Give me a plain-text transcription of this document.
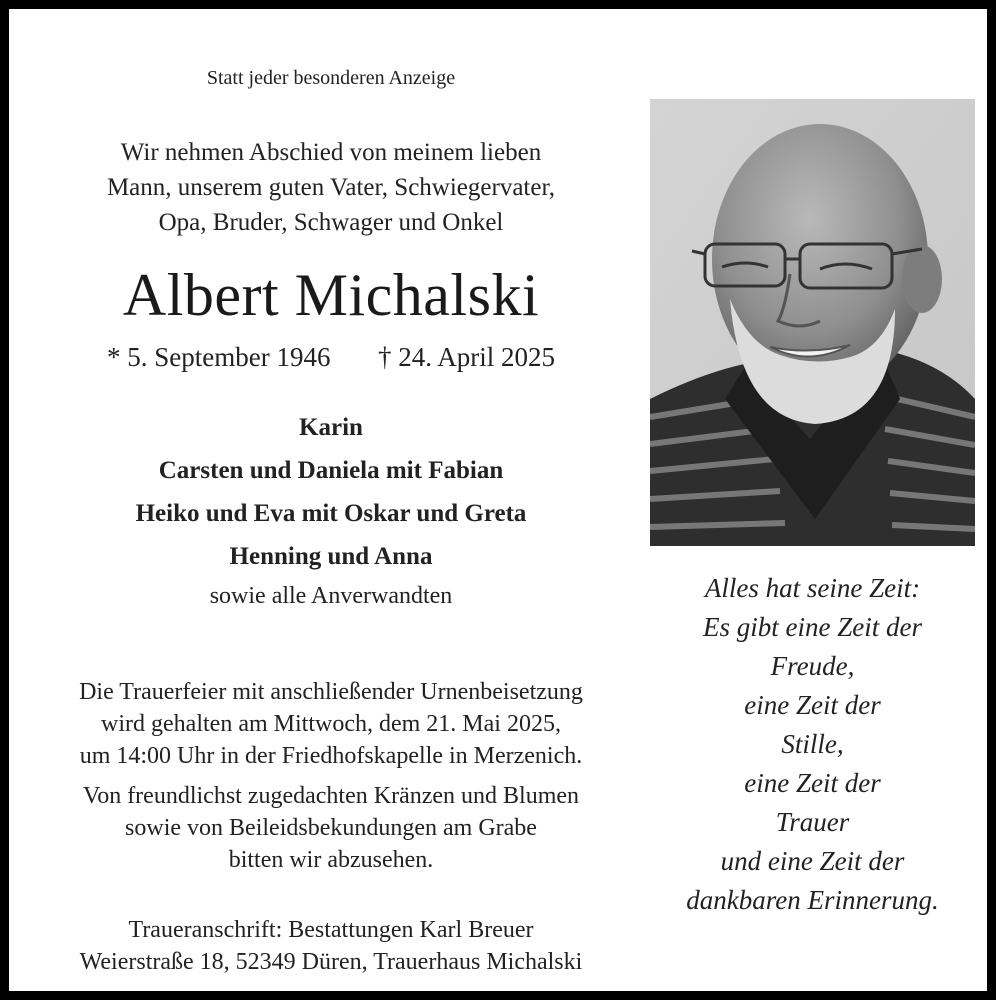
Statt jeder besonderen Anzeige
Wir nehmen Abschied von meinem lieben
Mann, unserem guten Vater, Schwiegervater,
Opa, Bruder, Schwager und Onkel
Albert Michalski
* 5. September 1946 † 24. April 2025
Karin
Carsten und Daniela mit Fabian
Heiko und Eva mit Oskar und Greta
Henning und Anna
sowie alle Anverwandten
Die Trauerfeier mit anschließender Urnenbeisetzung
wird gehalten am Mittwoch, dem 21. Mai 2025,
um 14:00 Uhr in der Friedhofskapelle in Merzenich.
Von freundlichst zugedachten Kränzen und Blumen
sowie von Beileidsbekundungen am Grabe
bitten wir abzusehen.
Traueranschrift: Bestattungen Karl Breuer
Weierstraße 18, 52349 Düren, Trauerhaus Michalski
Alles hat seine Zeit:
Es gibt eine Zeit der
Freude,
eine Zeit der
Stille,
eine Zeit der
Trauer
und eine Zeit der
dankbaren Erinnerung.
